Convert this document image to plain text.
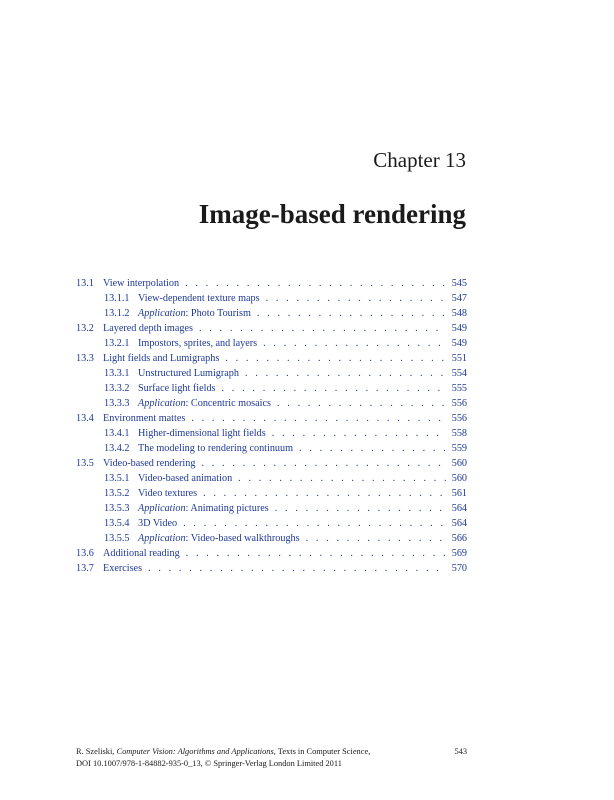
Chapter 13
Image-based rendering
13.1 View interpolation . . .	545
13.1.1 View-dependent texture maps . . .	547
13.1.2 Application: Photo Tourism . . .	548
13.2 Layered depth images . . .	549
13.2.1 Impostors, sprites, and layers . . .	549
13.3 Light fields and Lumigraphs . . .	551
13.3.1 Unstructured Lumigraph . . .	554
13.3.2 Surface light fields . . .	555
13.3.3 Application: Concentric mosaics . . .	556
13.4 Environment mattes . . .	556
13.4.1 Higher-dimensional light fields . . .	558
13.4.2 The modeling to rendering continuum . . .	559
13.5 Video-based rendering . . .	560
13.5.1 Video-based animation . . .	560
13.5.2 Video textures . . .	561
13.5.3 Application: Animating pictures . . .	564
13.5.4 3D Video . . .	564
13.5.5 Application: Video-based walkthroughs . . .	566
13.6 Additional reading . . .	569
13.7 Exercises . . .	570
R. Szeliski, Computer Vision: Algorithms and Applications, Texts in Computer Science,	543
DOI 10.1007/978-1-84882-935-0_13, © Springer-Verlag London Limited 2011
